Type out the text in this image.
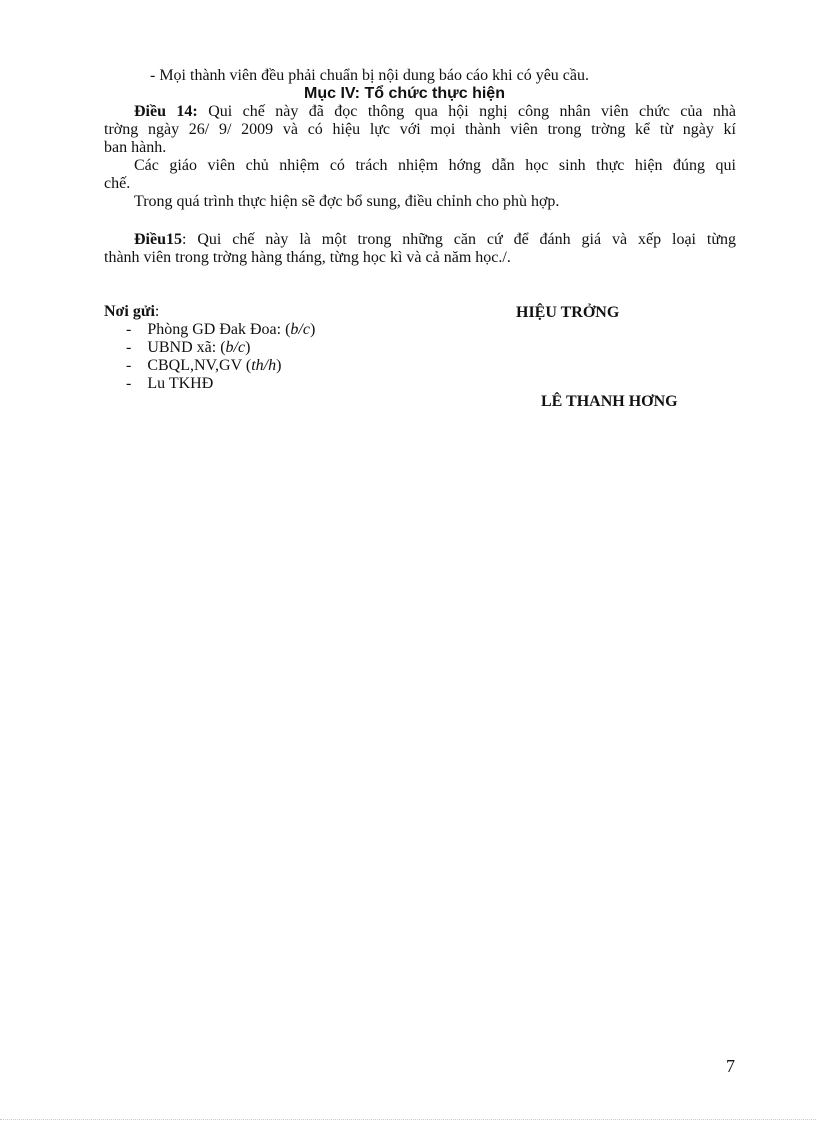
- Mọi thành viên đều phải chuẩn bị nội dung báo cáo khi có yêu cầu.
Mục IV: Tổ chức thực hiện
Điều 14: Qui chế này đã đọc thông qua hội nghị công nhân viên chức của nhà
trờng ngày 26/ 9/ 2009 và có hiệu lực với mọi thành viên trong trờng kể từ ngày kí
ban hành.
Các giáo viên chủ nhiệm có trách nhiệm hớng dẫn học sinh thực hiện đúng qui
chế.
Trong quá trình thực hiện sẽ đợc bổ sung, điều chỉnh cho phù hợp.
Điều15: Qui chế này là một trong những căn cứ để đánh giá và xếp loại từng
thành viên trong trờng hàng tháng, từng học kì và cả năm học./.
Nơi gửi:
- Phòng GD Đak Đoa: (b/c)
- UBND xã: (b/c)
- CBQL,NV,GV (th/h)
- Lu TKHĐ
HIỆU TRỞNG
LÊ THANH HƠNG
7
